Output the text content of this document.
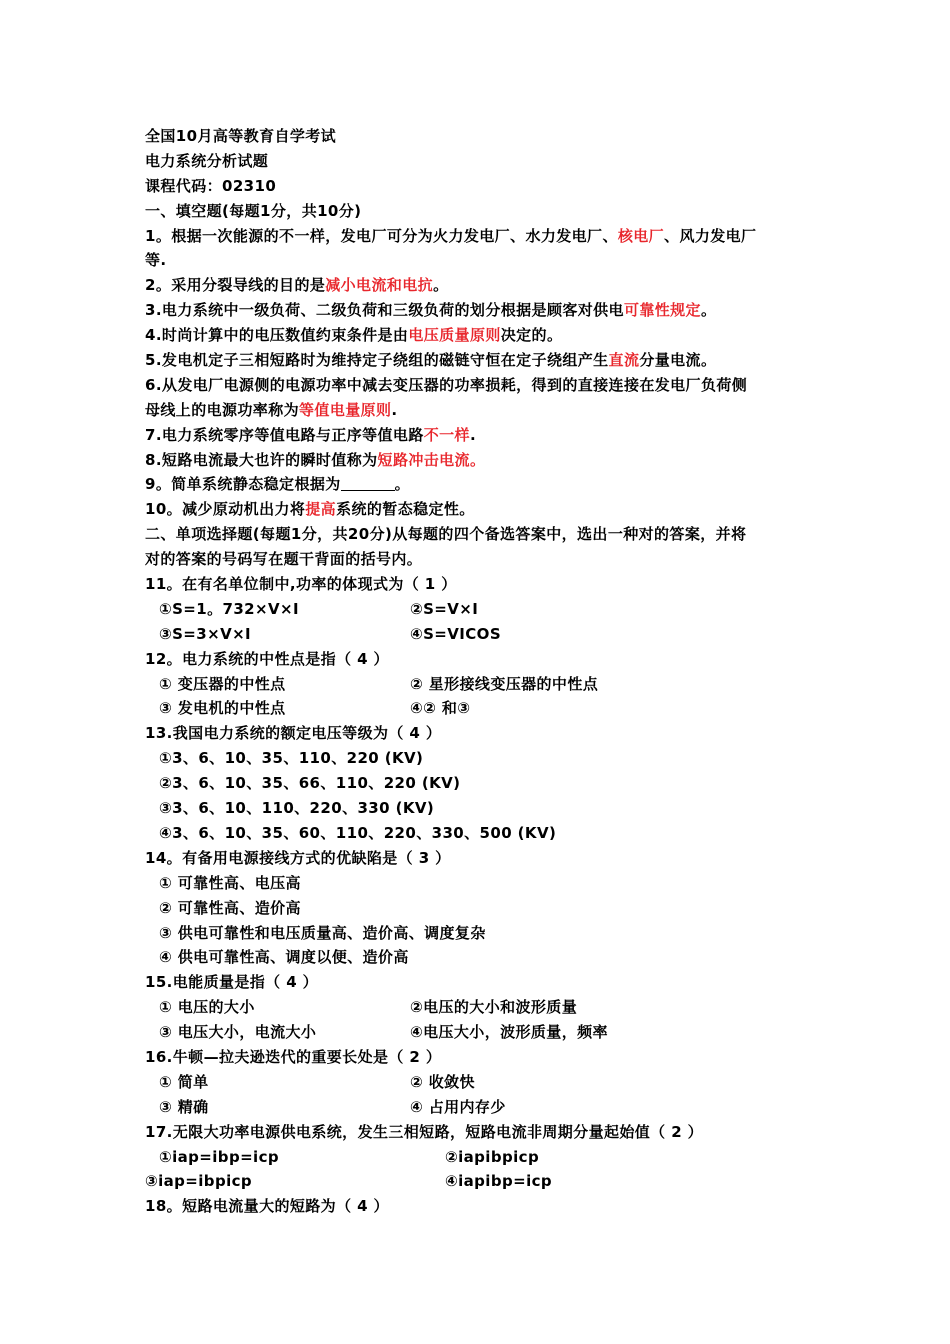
全国10月高等教育自学考试
电力系统分析试题
课程代码：02310
一、填空题(每题1分，共10分)
1。根据一次能源的不一样，发电厂可分为火力发电厂、水力发电厂、核电厂、风力发电厂
等.
2。采用分裂导线的目的是减小电流和电抗。
3.电力系统中一级负荷、二级负荷和三级负荷的划分根据是顾客对供电可靠性规定。
4.时尚计算中的电压数值约束条件是由电压质量原则决定的。
5.发电机定子三相短路时为维持定子绕组的磁链守恒在定子绕组产生直流分量电流。
6.从发电厂电源侧的电源功率中减去变压器的功率损耗，得到的直接连接在发电厂负荷侧
母线上的电源功率称为等值电量原则.
7.电力系统零序等值电路与正序等值电路不一样.
8.短路电流最大也许的瞬时值称为短路冲击电流。
9。简单系统静态稳定根据为	。
10。减少原动机出力将提高系统的暂态稳定性。
二、单项选择题(每题1分，共20分)从每题的四个备选答案中，选出一种对的答案，并将
对的答案的号码写在题干背面的括号内。
11。在有名单位制中,功率的体现式为（ 1 ）
①S=1。732×V×I	②S=V×I
③S=3×V×I	④S=VICOS
12。电力系统的中性点是指（ 4 ）
① 变压器的中性点	② 星形接线变压器的中性点
③ 发电机的中性点	④② 和③
13.我国电力系统的额定电压等级为（ 4 ）
①3、6、10、35、110、220 (KV)
②3、6、10、35、66、110、220 (KV)
③3、6、10、110、220、330 (KV)
④3、6、10、35、60、110、220、330、500 (KV)
14。有备用电源接线方式的优缺陷是（ 3 ）
① 可靠性高、电压高
② 可靠性高、造价高
③ 供电可靠性和电压质量高、造价高、调度复杂
④ 供电可靠性高、调度以便、造价高
15.电能质量是指（ 4 ）
① 电压的大小	②电压的大小和波形质量
③ 电压大小，电流大小	④电压大小，波形质量，频率
16.牛顿—拉夫逊迭代的重要长处是（ 2 ）
① 简单	② 收敛快
③ 精确	④ 占用内存少
17.无限大功率电源供电系统，发生三相短路，短路电流非周期分量起始值（ 2 ）
①iap=ibp=icp	②iapibpicp
③iap=ibpicp	④iapibp=icp
18。短路电流量大的短路为（ 4 ）
